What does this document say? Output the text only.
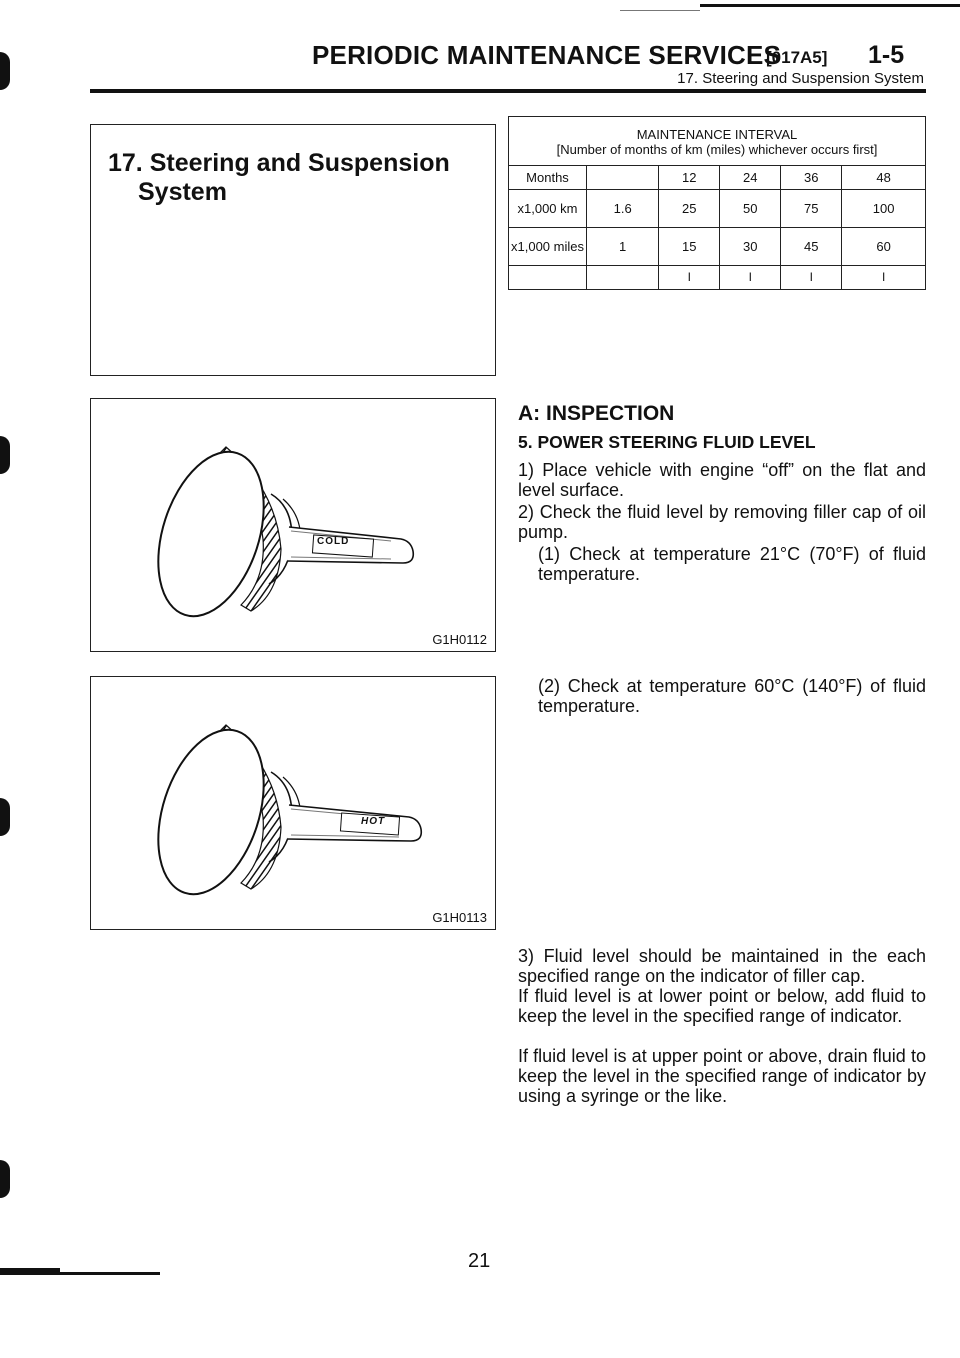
PERIODIC MAINTENANCE SERVICES
[017A5] 1-5
17. Steering and Suspension System
17. Steering and Suspension
System
MAINTENANCE INTERVAL
[Number of months of km (miles) whichever occurs first]					

Months		12	24	36	48
x1,000 km	1.6	25	50	75	100
x1,000 miles	1	15	30	45	60
		I	I	I	I
COLD
G1H0112
HOT
G1H0113
A: INSPECTION
5. POWER STEERING FLUID LEVEL
1) Place vehicle with engine “off” on the flat and level surface.
2) Check the fluid level by removing filler cap of oil pump.
(1) Check at temperature 21°C (70°F) of fluid temperature.
(2) Check at temperature 60°C (140°F) of fluid temperature.
3) Fluid level should be maintained in the each specified range on the indicator of filler cap.
If fluid level is at lower point or below, add fluid to keep the level in the specified range of indicator.
If fluid level is at upper point or above, drain fluid to keep the level in the specified range of indicator by using a syringe or the like.
21
